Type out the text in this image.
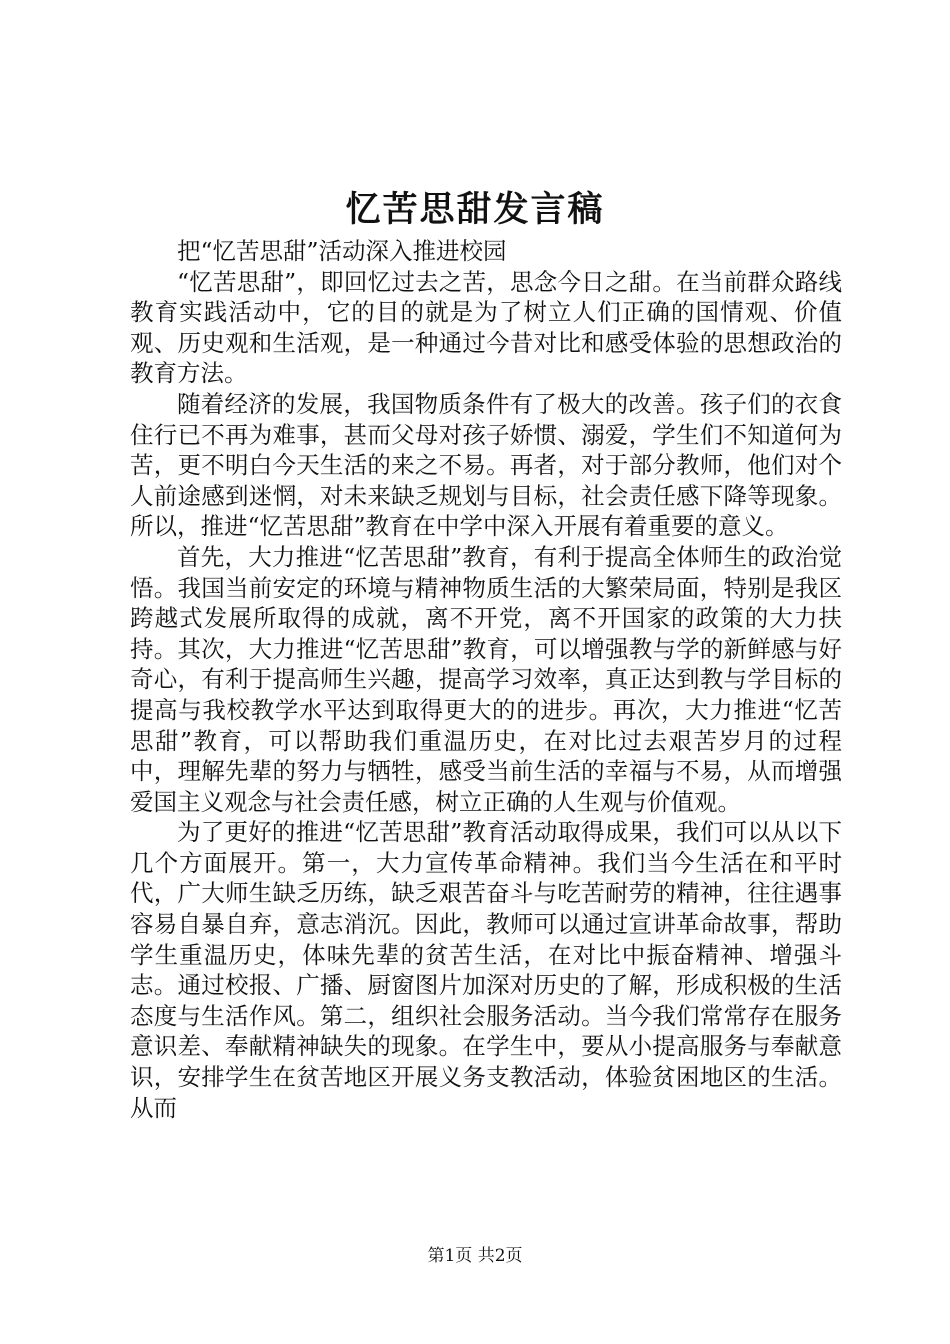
忆苦思甜发言稿

把“忆苦思甜”活动深入推进校园

“忆苦思甜”，即回忆过去之苦，思念今日之甜。在当前群众路线教育实践活动中，它的目的就是为了树立人们正确的国情观、价值观、历史观和生活观，是一种通过今昔对比和感受体验的思想政治的教育方法。

随着经济的发展，我国物质条件有了极大的改善。孩子们的衣食住行已不再为难事，甚而父母对孩子娇惯、溺爱，学生们不知道何为苦，更不明白今天生活的来之不易。再者，对于部分教师，他们对个人前途感到迷惘，对未来缺乏规划与目标，社会责任感下降等现象。所以，推进“忆苦思甜”教育在中学中深入开展有着重要的意义。

首先，大力推进“忆苦思甜”教育，有利于提高全体师生的政治觉悟。我国当前安定的环境与精神物质生活的大繁荣局面，特别是我区跨越式发展所取得的成就，离不开党，离不开国家的政策的大力扶持。其次，大力推进“忆苦思甜”教育，可以增强教与学的新鲜感与好奇心，有利于提高师生兴趣，提高学习效率，真正达到教与学目标的提高与我校教学水平达到取得更大的的进步。再次，大力推进“忆苦思甜”教育，可以帮助我们重温历史，在对比过去艰苦岁月的过程中，理解先辈的努力与牺牲，感受当前生活的幸福与不易，从而增强爱国主义观念与社会责任感，树立正确的人生观与价值观。

为了更好的推进“忆苦思甜”教育活动取得成果，我们可以从以下几个方面展开。第一，大力宣传革命精神。我们当今生活在和平时代，广大师生缺乏历练，缺乏艰苦奋斗与吃苦耐劳的精神，往往遇事容易自暴自弃，意志消沉。因此，教师可以通过宣讲革命故事，帮助学生重温历史，体味先辈的贫苦生活，在对比中振奋精神、增强斗志。通过校报、广播、厨窗图片加深对历史的了解，形成积极的生活态度与生活作风。第二，组织社会服务活动。当今我们常常存在服务意识差、奉献精神缺失的现象。在学生中，要从小提高服务与奉献意识，安排学生在贫苦地区开展义务支教活动，体验贫困地区的生活。从而

第1页 共2页
